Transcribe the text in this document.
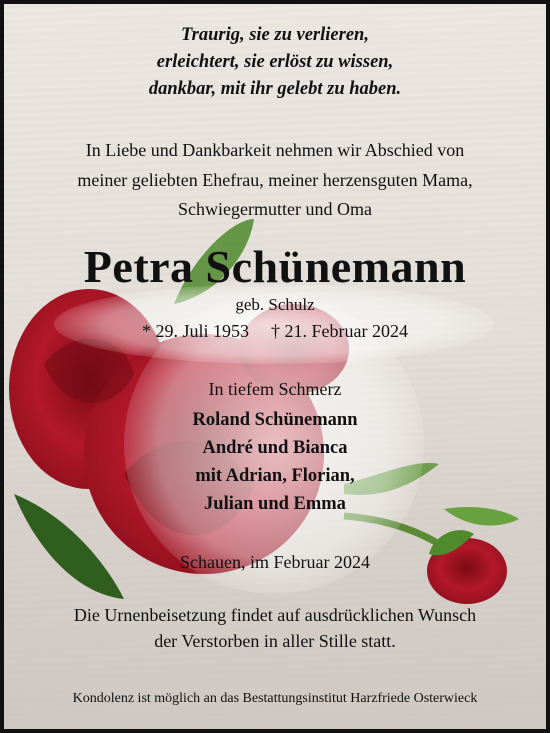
Traurig, sie zu verlieren,
erleichtert, sie erlöst zu wissen,
dankbar, mit ihr gelebt zu haben.
In Liebe und Dankbarkeit nehmen wir Abschied von
meiner geliebten Ehefrau, meiner herzensguten Mama,
Schwiegermutter und Oma
Petra Schünemann
geb. Schulz
* 29. Juli 1953 † 21. Februar 2024
In tiefem Schmerz
Roland Schünemann
André und Bianca
mit Adrian, Florian,
Julian und Emma
Schauen, im Februar 2024
Die Urnenbeisetzung findet auf ausdrücklichen Wunsch
der Verstorben in aller Stille statt.
Kondolenz ist möglich an das Bestattungsinstitut Harzfriede Osterwieck
